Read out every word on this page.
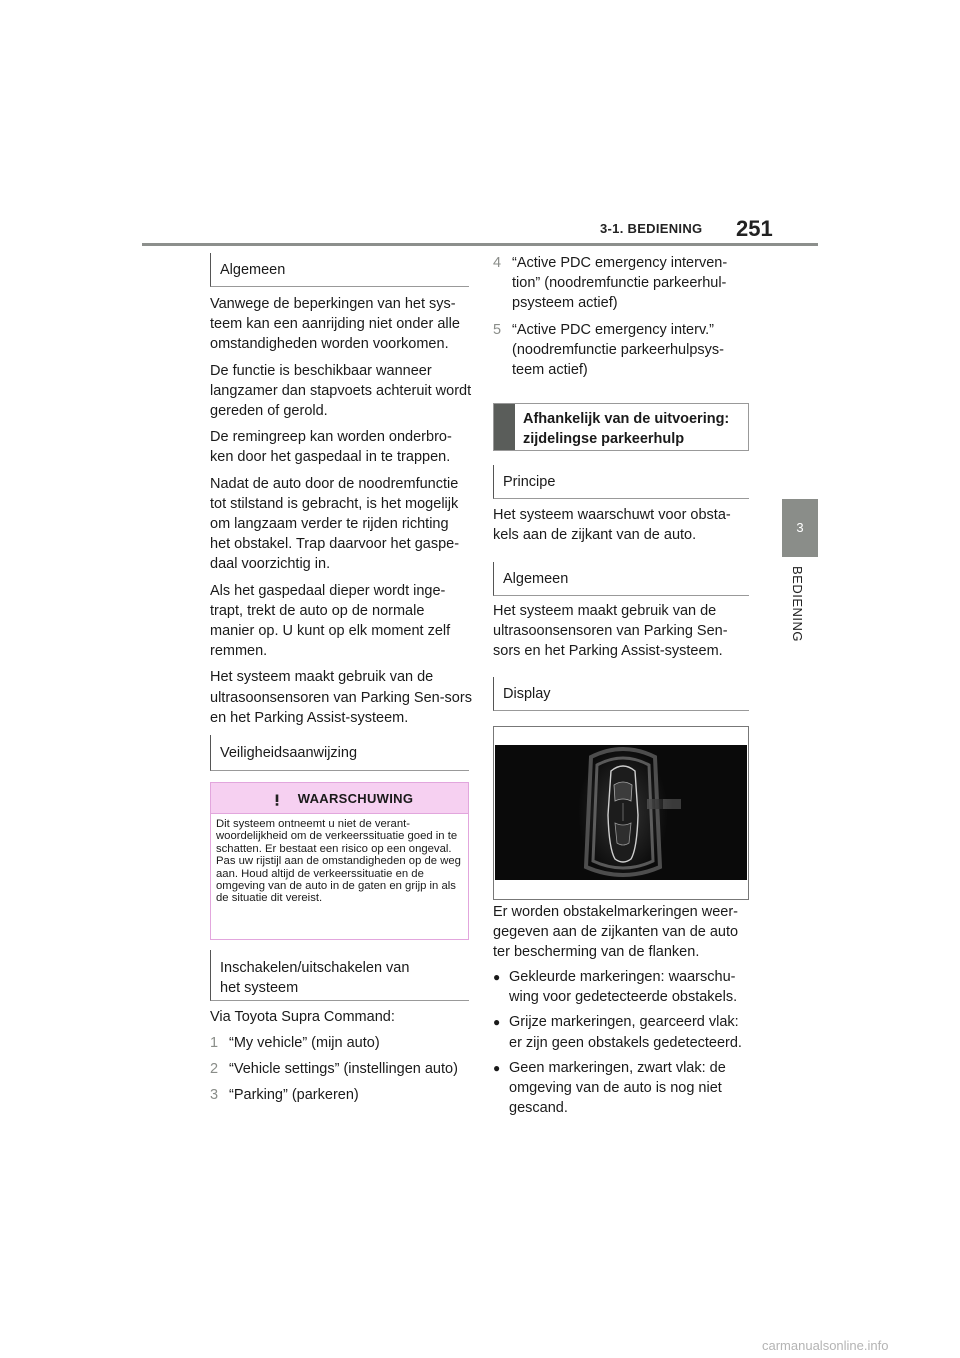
3-1. BEDIENING 251
3
BEDIENING
Algemeen

Vanwege de beperkingen van het sys-teem kan een aanrijding niet onder alle omstandigheden worden voorkomen.

De functie is beschikbaar wanneer langzamer dan stapvoets achteruit wordt gereden of gerold.

De remingreep kan worden onderbro-ken door het gaspedaal in te trappen.

Nadat de auto door de noodremfunctie tot stilstand is gebracht, is het mogelijk om langzaam verder te rijden richting het obstakel. Trap daarvoor het gaspe-daal voorzichtig in.

Als het gaspedaal dieper wordt inge-trapt, trekt de auto op de normale manier op. U kunt op elk moment zelf remmen.

Het systeem maakt gebruik van de ultrasoonsensoren van Parking Sen-sors en het Parking Assist-systeem.

Veiligheidsaanwijzing
WAARSCHUWING
Dit systeem ontneemt u niet de verant-woordelijkheid om de verkeerssituatie goed in te schatten. Er bestaat een risico op een ongeval. Pas uw rijstijl aan de omstandigheden op de weg aan. Houd altijd de verkeerssituatie en de omgeving van de auto in de gaten en grijp in als de situatie dit vereist.
Inschakelen/uitschakelen van het systeem
Via Toyota Supra Command:
1 “My vehicle” (mijn auto)
2 “Vehicle settings” (instellingen auto)
3 “Parking” (parkeren)
4 “Active PDC emergency interven-tion” (noodremfunctie parkeerhul-psysteem actief)
5 “Active PDC emergency interv.” (noodremfunctie parkeerhulpsys-teem actief)
Afhankelijk van de uitvoering: zijdelingse parkeerhulp
Principe
Het systeem waarschuwt voor obsta-kels aan de zijkant van de auto.
Algemeen
Het systeem maakt gebruik van de ultrasoonsensoren van Parking Sen-sors en het Parking Assist-systeem.
Display
Er worden obstakelmarkeringen weer-gegeven aan de zijkanten van de auto ter bescherming van de flanken.
● Gekleurde markeringen: waarschu-wing voor gedetecteerde obstakels.
● Grijze markeringen, gearceerd vlak: er zijn geen obstakels gedetecteerd.
● Geen markeringen, zwart vlak: de omgeving van de auto is nog niet gescand.
carmanualsonline.info
